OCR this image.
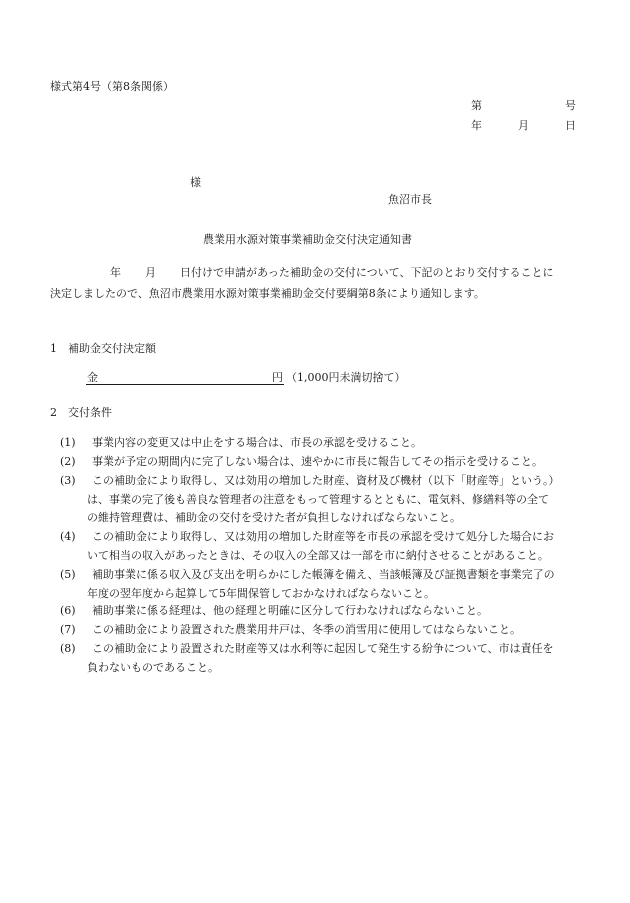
様式第4号（第8条関係）
第	号
年	月	日
様
魚沼市長
農業用水源対策事業補助金交付決定通知書
年 月 日付けで申請があった補助金の交付について、下記のとおり交付することに
決定しましたので、魚沼市農業用水源対策事業補助金交付要綱第8条により通知します。
1　補助金交付決定額
金	円 （1,000円未満切捨て）
2　交付条件
(1)	事業内容の変更又は中止をする場合は、市長の承認を受けること。
(2)	事業が予定の期間内に完了しない場合は、速やかに市長に報告してその指示を受けること。
(3)	この補助金により取得し、又は効用の増加した財産、資材及び機材（以下「財産等」という。）
は、事業の完了後も善良な管理者の注意をもって管理するとともに、電気料、修繕料等の全て
の維持管理費は、補助金の交付を受けた者が負担しなければならないこと。
(4)	この補助金により取得し、又は効用の増加した財産等を市長の承認を受けて処分した場合にお
いて相当の収入があったときは、その収入の全部又は一部を市に納付させることがあること。
(5)	補助事業に係る収入及び支出を明らかにした帳簿を備え、当該帳簿及び証拠書類を事業完了の
年度の翌年度から起算して5年間保管しておかなければならないこと。
(6)	補助事業に係る経理は、他の経理と明確に区分して行わなければならないこと。
(7)	この補助金により設置された農業用井戸は、冬季の消雪用に使用してはならないこと。
(8)	この補助金により設置された財産等又は水利等に起因して発生する紛争について、市は責任を
負わないものであること。
